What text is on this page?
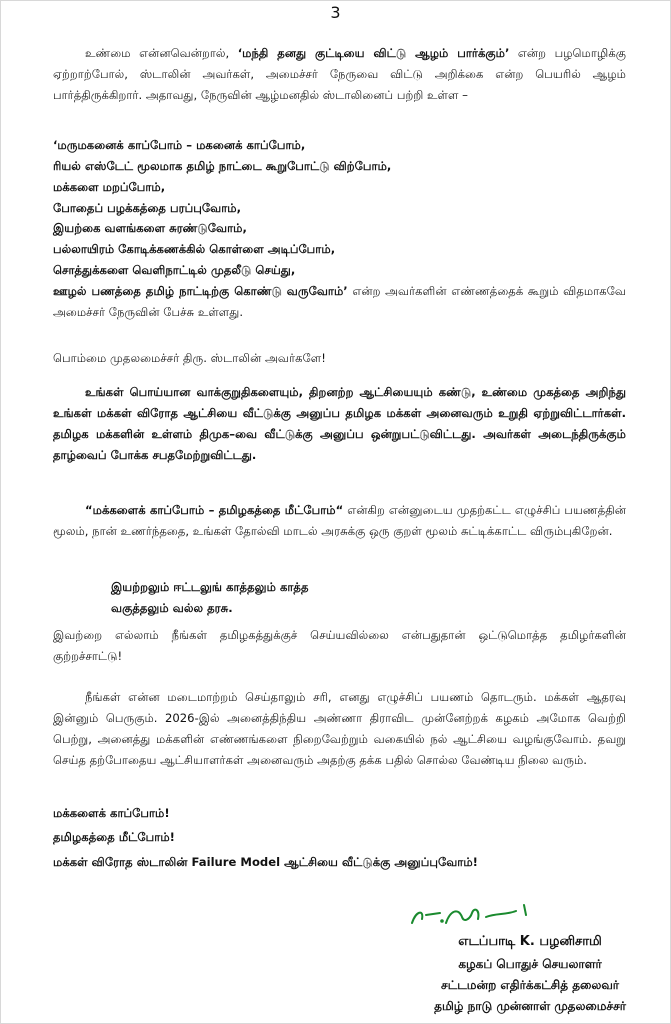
3
உண்மை என்னவென்றால், ‘மந்தி தனது குட்டியை விட்டு ஆழம் பார்க்கும்’ என்ற பழமொழிக்கு ஏற்றாற்போல், ஸ்டாலின் அவர்கள், அமைச்சர் நேருவை விட்டு அறிக்கை என்ற பெயரில் ஆழம் பார்த்திருக்கிறார். அதாவது, நேருவின் ஆழ்மனதில் ஸ்டாலினைப் பற்றி உள்ள –
‘மருமகனைக் காப்போம் – மகனைக் காப்போம்,
ரியல் எஸ்டேட் மூலமாக தமிழ் நாட்டை கூறுபோட்டு விற்போம்,
மக்களை மறப்போம்,
போதைப் பழக்கத்தை பரப்புவோம்,
இயற்கை வளங்களை சுரண்டுவோம்,
பல்லாயிரம் கோடிக்கணக்கில் கொள்ளை அடிப்போம்,
சொத்துக்களை வெளிநாட்டில் முதலீடு செய்து,
ஊழல் பணத்தை தமிழ் நாட்டிற்கு கொண்டு வருவோம்’ என்ற அவர்களின் எண்ணத்தைக் கூறும் விதமாகவே அமைச்சர் நேருவின் பேச்சு உள்ளது.
பொம்மை முதலமைச்சர் திரு. ஸ்டாலின் அவர்களே!
உங்கள் பொய்யான வாக்குறுதிகளையும், திறனற்ற ஆட்சியையும் கண்டு, உண்மை முகத்தை அறிந்து உங்கள் மக்கள் விரோத ஆட்சியை வீட்டுக்கு அனுப்ப தமிழக மக்கள் அனைவரும் உறுதி ஏற்றுவிட்டார்கள். தமிழக மக்களின் உள்ளம் திமுக–வை வீட்டுக்கு அனுப்ப ஒன்றுபட்டுவிட்டது. அவர்கள் அடைந்திருக்கும் தாழ்வைப் போக்க சபதமேற்றுவிட்டது.
“மக்களைக் காப்போம் – தமிழகத்தை மீட்போம்“ என்கிற என்னுடைய முதற்கட்ட எழுச்சிப் பயணத்தின் மூலம், நான் உணர்ந்ததை, உங்கள் தோல்வி மாடல் அரசுக்கு ஒரு குறள் மூலம் சுட்டிக்காட்ட விரும்புகிறேன்.
இயற்றலும் ஈட்டலுங் காத்தலும் காத்த
வகுத்தலும் வல்ல தரசு.
இவற்றை எல்லாம் நீங்கள் தமிழகத்துக்குச் செய்யவில்லை என்பதுதான் ஒட்டுமொத்த தமிழர்களின் குற்றச்சாட்டு!
நீங்கள் என்ன மடைமாற்றம் செய்தாலும் சரி, எனது எழுச்சிப் பயணம் தொடரும். மக்கள் ஆதரவு இன்னும் பெருகும். 2026-இல் அனைத்திந்திய அண்ணா திராவிட முன்னேற்றக் கழகம் அமோக வெற்றி பெற்று, அனைத்து மக்களின் எண்ணங்களை நிறைவேற்றும் வகையில் நல் ஆட்சியை வழங்குவோம். தவறு செய்த தற்போதைய ஆட்சியாளர்கள் அனைவரும் அதற்கு தக்க பதில் சொல்ல வேண்டிய நிலை வரும்.
மக்களைக் காப்போம்!
தமிழகத்தை மீட்போம்!
மக்கள் விரோத ஸ்டாலின் Failure Model ஆட்சியை வீட்டுக்கு அனுப்புவோம்!
எடப்பாடி K. பழனிசாமி
கழகப் பொதுச் செயலாளர்
சட்டமன்ற எதிர்க்கட்சித் தலைவர்
தமிழ் நாடு முன்னாள் முதலமைச்சர்
